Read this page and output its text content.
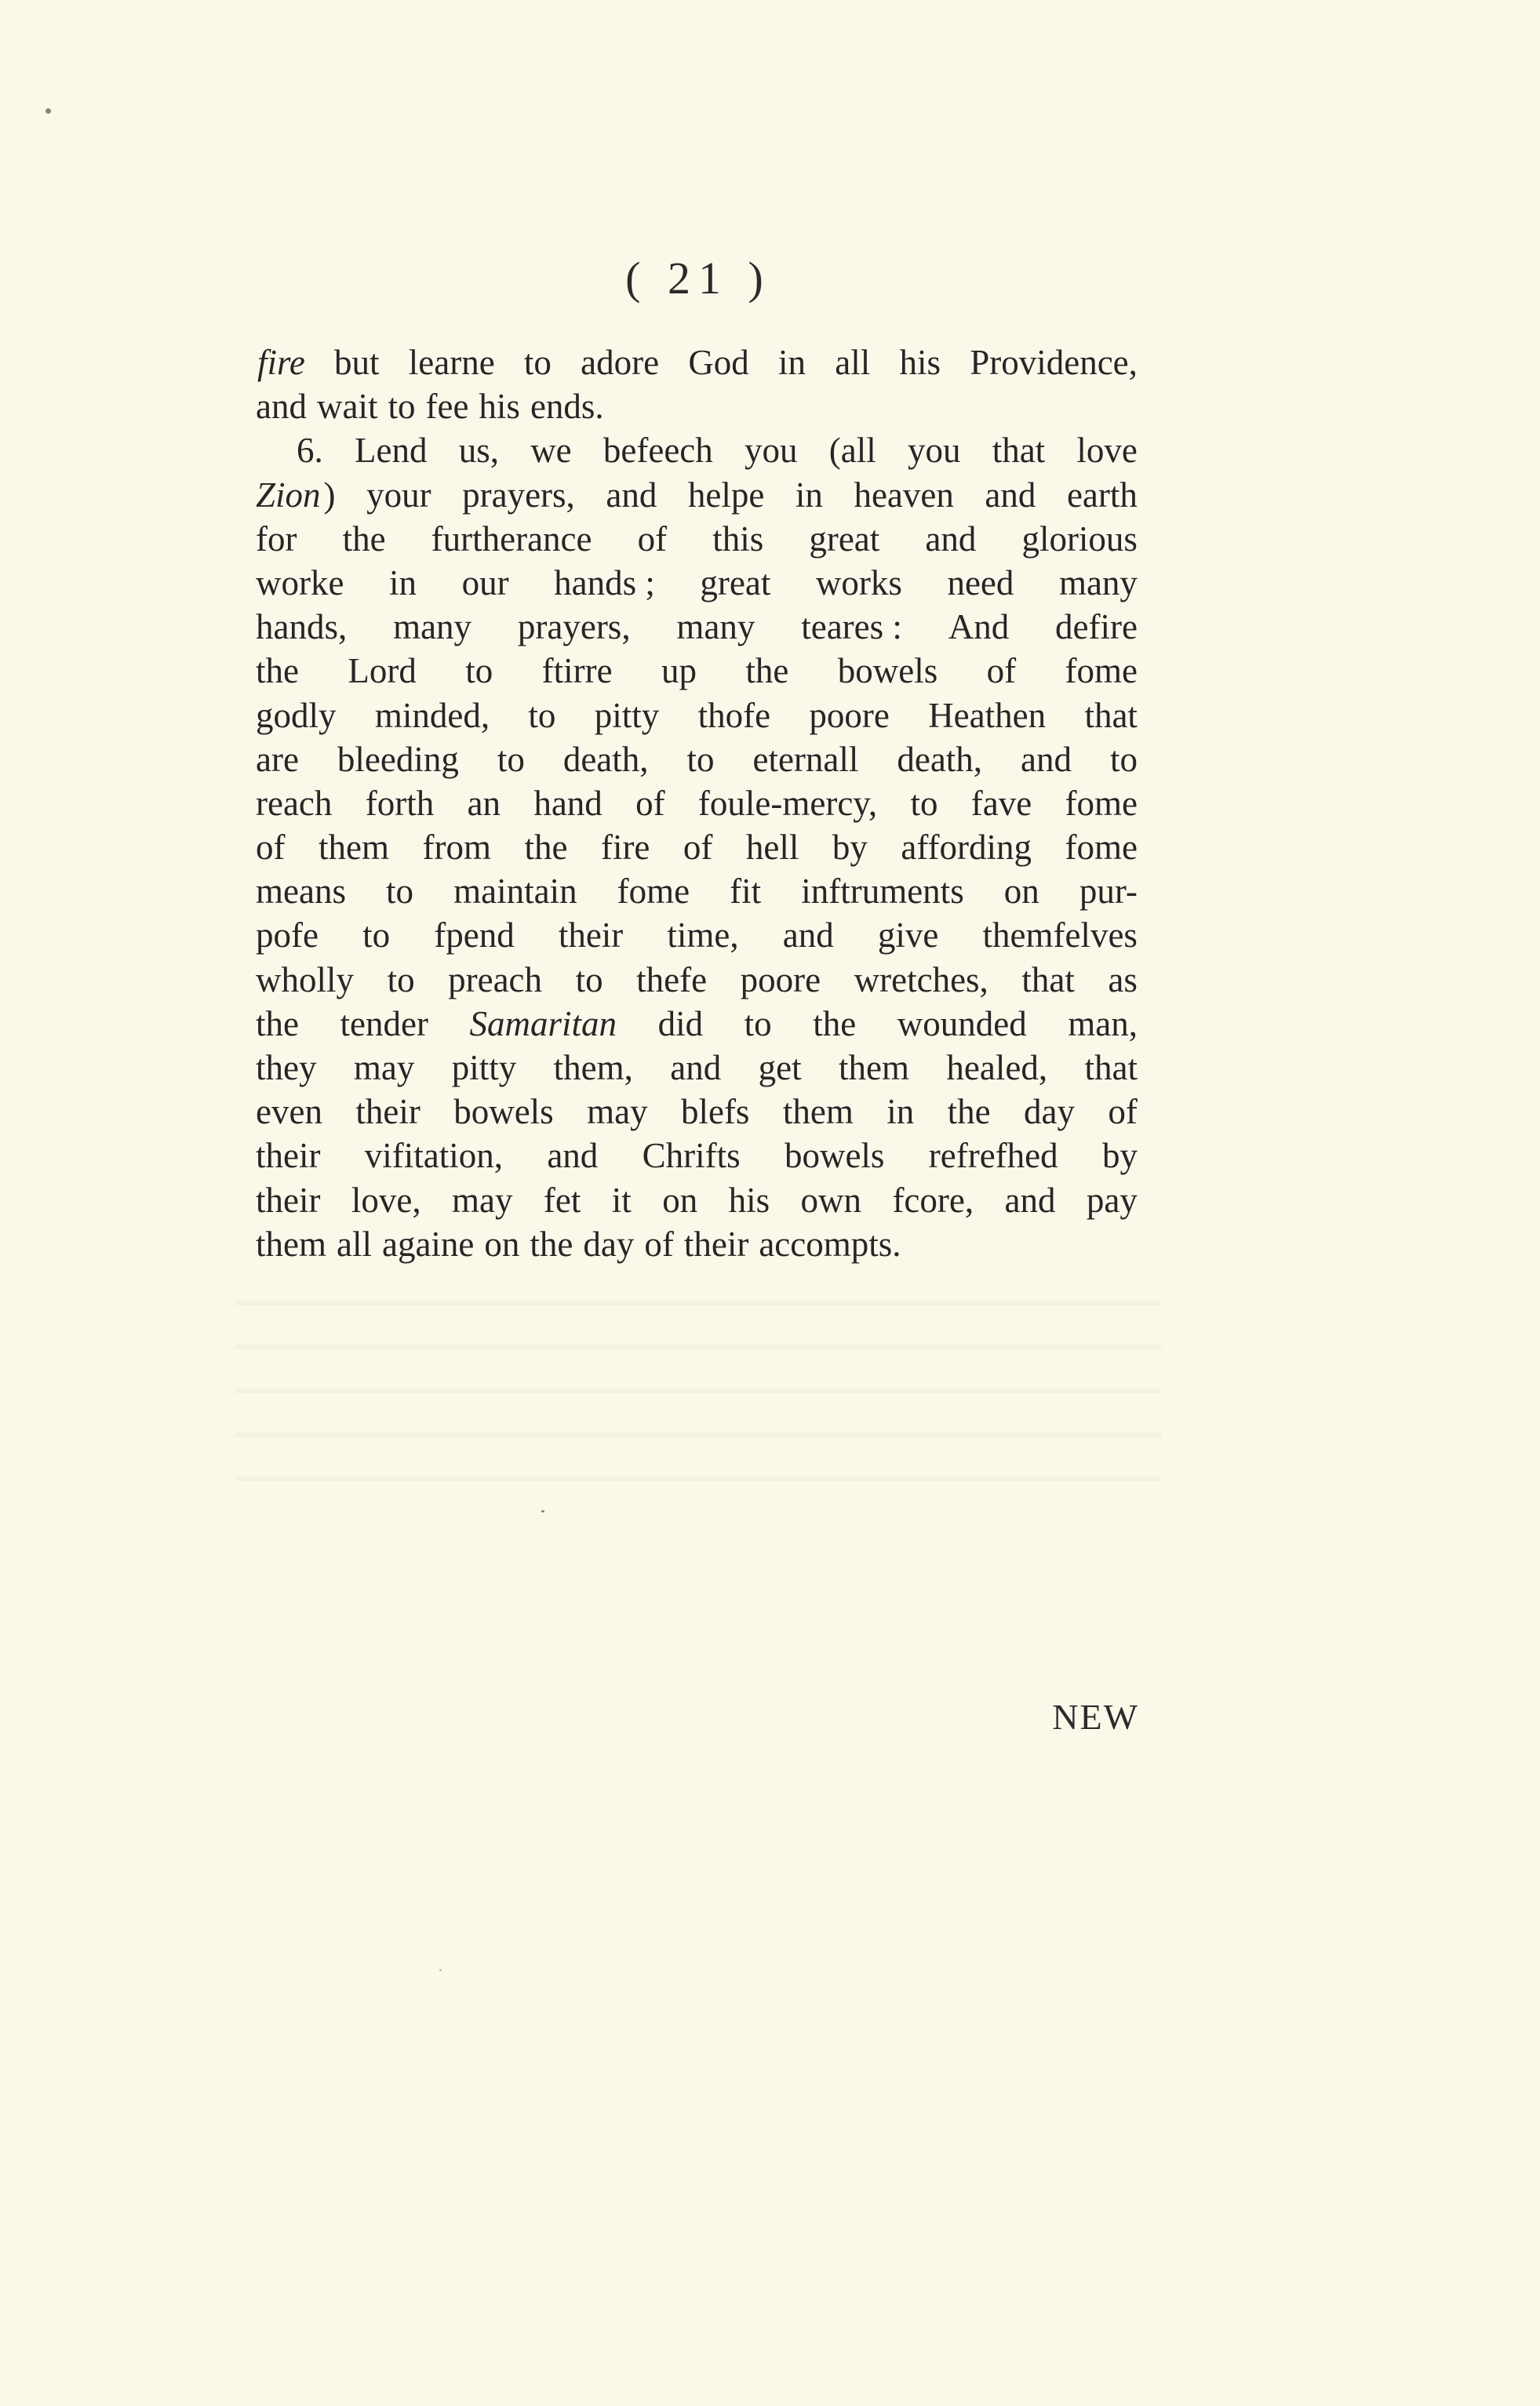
( 21 )
fire but learne to adore God in all his Providence,
and wait to fee his ends.
6. Lend us, we befeech you (all you that love
Zion) your prayers, and helpe in heaven and earth
for the furtherance of this great and glorious
worke in our hands ; great works need many
hands, many prayers, many teares : And defire
the Lord to ftirre up the bowels of fome
godly minded, to pitty thofe poore Heathen that
are bleeding to death, to eternall death, and to
reach forth an hand of foule-mercy, to fave fome
of them from the fire of hell by affording fome
means to maintain fome fit inftruments on pur-
pofe to fpend their time, and give themfelves
wholly to preach to thefe poore wretches, that as
the tender Samaritan did to the wounded man,
they may pitty them, and get them healed, that
even their bowels may blefs them in the day of
their vifitation, and Chrifts bowels refrefhed by
their love, may fet it on his own fcore, and pay
them all againe on the day of their accompts.
NEW
